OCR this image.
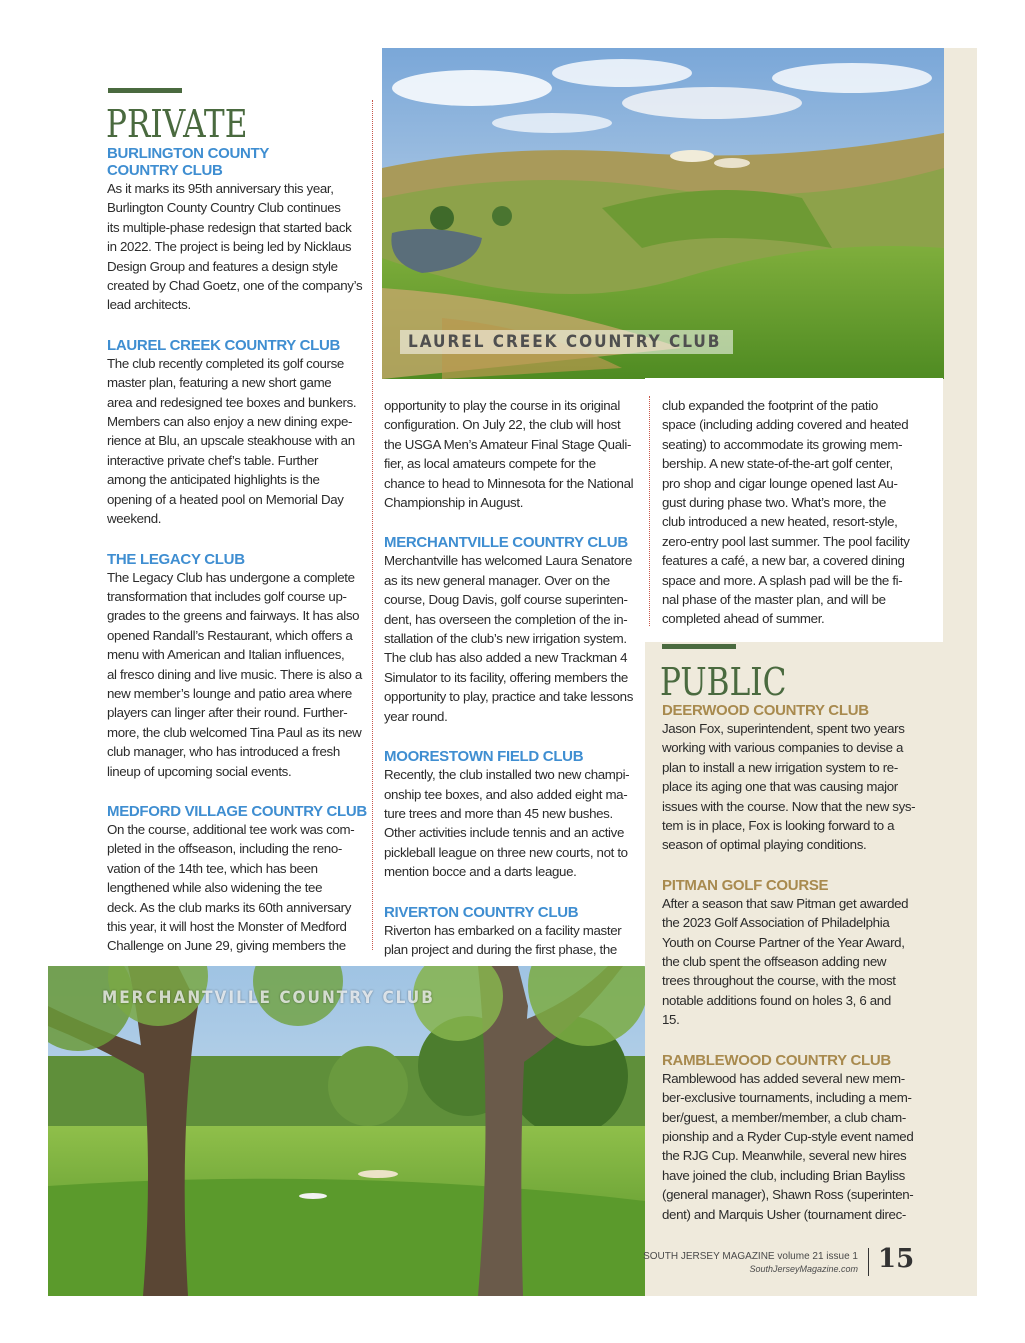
LAUREL CREEK COUNTRY CLUB
PRIVATE
BURLINGTON COUNTY
COUNTRY CLUB

As it marks its 95th anniversary this year,
Burlington County Country Club continues
its multiple-phase redesign that started back
in 2022. The project is being led by Nicklaus
Design Group and features a design style
created by Chad Goetz, one of the company’s
lead architects.

LAUREL CREEK COUNTRY CLUB

The club recently completed its golf course
master plan, featuring a new short game
area and redesigned tee boxes and bunkers.
Members can also enjoy a new dining expe-
rience at Blu, an upscale steakhouse with an
interactive private chef’s table. Further
among the anticipated highlights is the
opening of a heated pool on Memorial Day
weekend.

THE LEGACY CLUB

The Legacy Club has undergone a complete
transformation that includes golf course up-
grades to the greens and fairways. It has also
opened Randall’s Restaurant, which offers a
menu with American and Italian influences,
al fresco dining and live music. There is also a
new member’s lounge and patio area where
players can linger after their round. Further-
more, the club welcomed Tina Paul as its new
club manager, who has introduced a fresh
lineup of upcoming social events.

MEDFORD VILLAGE COUNTRY CLUB

On the course, additional tee work was com-
pleted in the offseason, including the reno-
vation of the 14th tee, which has been
lengthened while also widening the tee
deck. As the club marks its 60th anniversary
this year, it will host the Monster of Medford
Challenge on June 29, giving members the

opportunity to play the course in its original
configuration. On July 22, the club will host
the USGA Men’s Amateur Final Stage Quali-
fier, as local amateurs compete for the
chance to head to Minnesota for the National
Championship in August.

MERCHANTVILLE COUNTRY CLUB

Merchantville has welcomed Laura Senatore
as its new general manager. Over on the
course, Doug Davis, golf course superinten-
dent, has overseen the completion of the in-
stallation of the club’s new irrigation system.
The club has also added a new Trackman 4
Simulator to its facility, offering members the
opportunity to play, practice and take lessons
year round.

MOORESTOWN FIELD CLUB

Recently, the club installed two new champi-
onship tee boxes, and also added eight ma-
ture trees and more than 45 new bushes.
Other activities include tennis and an active
pickleball league on three new courts, not to
mention bocce and a darts league.

RIVERTON COUNTRY CLUB

Riverton has embarked on a facility master
plan project and during the first phase, the

club expanded the footprint of the patio
space (including adding covered and heated
seating) to accommodate its growing mem-
bership. A new state-of-the-art golf center,
pro shop and cigar lounge opened last Au-
gust during phase two. What’s more, the
club introduced a new heated, resort-style,
zero-entry pool last summer. The pool facility
features a café, a new bar, a covered dining
space and more. A splash pad will be the fi-
nal phase of the master plan, and will be
completed ahead of summer.

PUBLIC
DEERWOOD COUNTRY CLUB

Jason Fox, superintendent, spent two years
working with various companies to devise a
plan to install a new irrigation system to re-
place its aging one that was causing major
issues with the course. Now that the new sys-
tem is in place, Fox is looking forward to a
season of optimal playing conditions.

PITMAN GOLF COURSE

After a season that saw Pitman get awarded
the 2023 Golf Association of Philadelphia
Youth on Course Partner of the Year Award,
the club spent the offseason adding new
trees throughout the course, with the most
notable additions found on holes 3, 6 and
15.

RAMBLEWOOD COUNTRY CLUB

Ramblewood has added several new mem-
ber-exclusive tournaments, including a mem-
ber/guest, a member/member, a club cham-
pionship and a Ryder Cup-style event named
the RJG Cup. Meanwhile, several new hires
have joined the club, including Brian Bayliss
(general manager), Shawn Ross (superinten-
dent) and Marquis Usher (tournament direc-

MERCHANTVILLE COUNTRY CLUB
SOUTH JERSEY MAGAZINE volume 21 issue 1
SouthJerseyMagazine.com 15
